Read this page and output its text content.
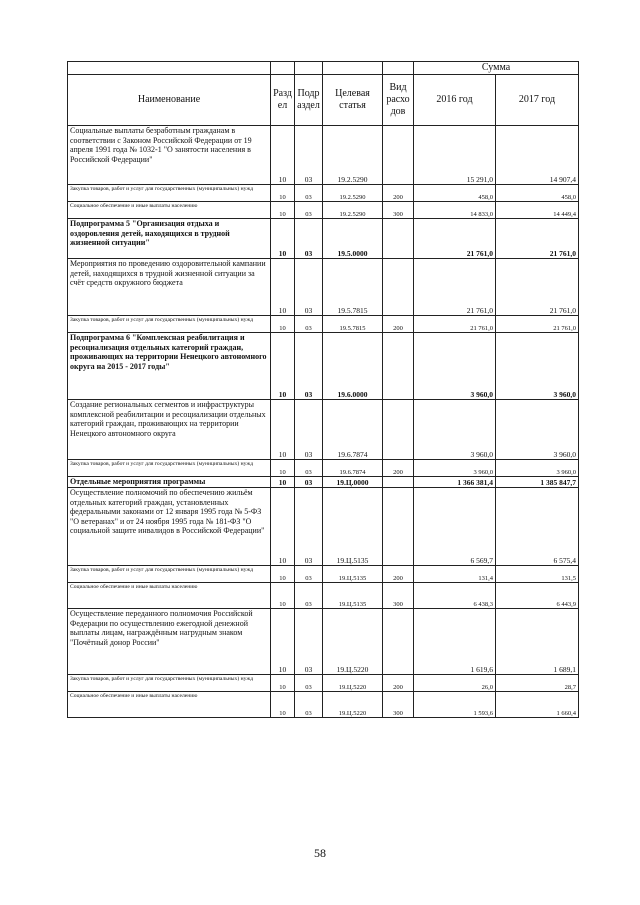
					Сумма	
Наименование	Разд ел	Подр аздел	Целевая статья	Вид расхо дов	2016 год	2017 год
Социальные выплаты безработным гражданам в соответствии с Законом Российской Федерации от 19 апреля 1991 года № 1032-1 "О занятости населения в Российской Федерации"	10	03	19.2.5290		15 291,0	14 907,4
Закупка товаров, работ и услуг для государственных (муниципальных) нужд	10	03	19.2.5290	200	458,0	458,0
Социальное обеспечение и иные выплаты населению	10	03	19.2.5290	300	14 833,0	14 449,4
Подпрограмма 5 "Организация отдыха и оздоровления детей, находящихся в трудной жизненной ситуации"	10	03	19.5.0000		21 761,0	21 761,0
Мероприятия по проведению оздоровительной кампании детей, находящихся в трудной жизненной ситуации за счёт средств окружного бюджета	10	03	19.5.7815		21 761,0	21 761,0
Закупка товаров, работ и услуг для государственных (муниципальных) нужд	10	03	19.5.7815	200	21 761,0	21 761,0
Подпрограмма 6 "Комплексная реабилитация и ресоциализация отдельных категорий граждан, проживающих на территории Ненецкого автономного округа на 2015 - 2017 годы"	10	03	19.6.0000		3 960,0	3 960,0
Создание региональных сегментов и инфраструктуры комплексной реабилитации и ресоциализации отдельных категорий граждан, проживающих на территории Ненецкого автономного округа	10	03	19.6.7874		3 960,0	3 960,0
Закупка товаров, работ и услуг для государственных (муниципальных) нужд	10	03	19.6.7874	200	3 960,0	3 960,0
Отдельные мероприятия программы	10	03	19.Ц.0000		1 366 381,4	1 385 847,7
Осуществление полномочий по обеспечению жильём отдельных категорий граждан, установленных федеральными законами от 12 января 1995 года № 5-ФЗ "О ветеранах" и от 24 ноября 1995 года № 181-ФЗ "О социальной защите инвалидов в Российской Федерации"	10	03	19.Ц.5135		6 569,7	6 575,4
Закупка товаров, работ и услуг для государственных (муниципальных) нужд	10	03	19.Ц.5135	200	131,4	131,5
Социальное обеспечение и иные выплаты населению	10	03	19.Ц.5135	300	6 438,3	6 443,9
Осуществление переданного полномочия Российской Федерации по осуществлению ежегодной денежной выплаты лицам, награждённым нагрудным знаком "Почётный донор России"	10	03	19.Ц.5220		1 619,6	1 689,1
Закупка товаров, работ и услуг для государственных (муниципальных) нужд	10	03	19.Ц.5220	200	26,0	28,7
Социальное обеспечение и иные выплаты населению	10	03	19.Ц.5220	300	1 593,6	1 660,4
58
